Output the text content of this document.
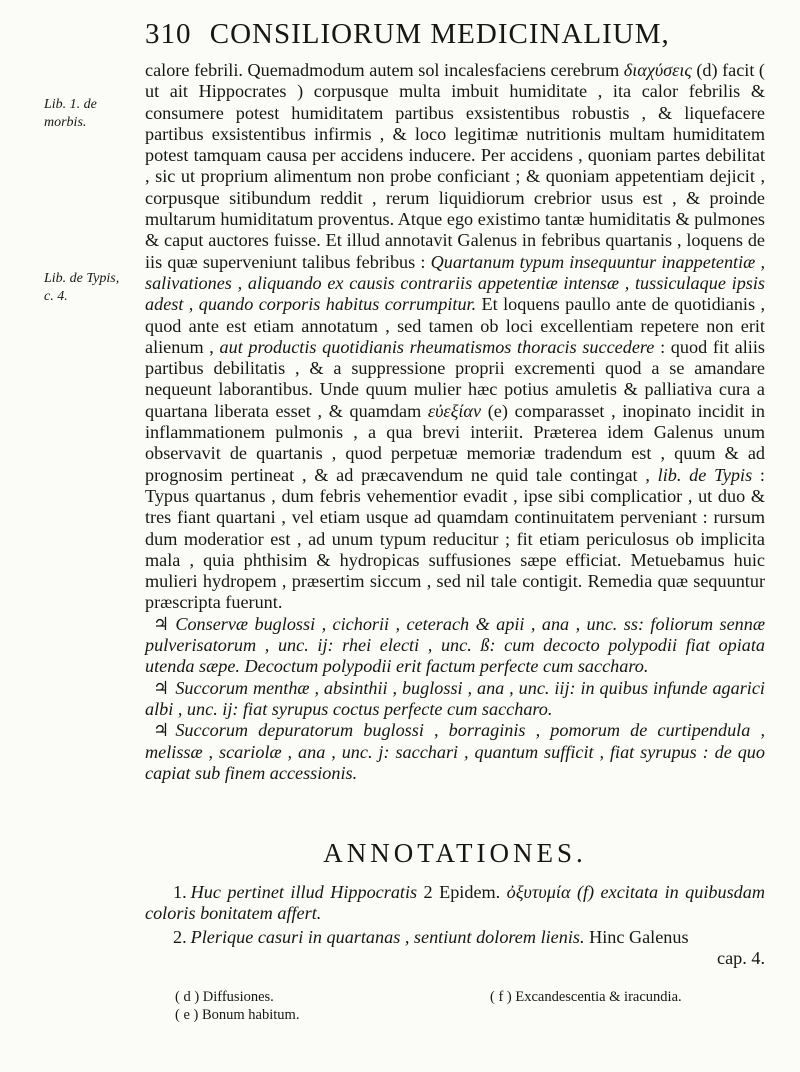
310 CONSILIORUM MEDICINALIUM,
Lib. 1. de
morbis.
Lib. de Typis,
c. 4.

calore febrili. Quemadmodum autem sol incalesfaciens cerebrum διαχύσεις (d) facit ( ut ait Hippocrates ) corpusque multa imbuit humiditate , ita calor febrilis & consumere potest humiditatem partibus exsistentibus robustis , & liquefacere partibus exsistentibus infirmis , & loco legitimæ nutritionis multam humiditatem potest tamquam causa per accidens inducere. Per accidens , quoniam partes debilitat , sic ut proprium alimentum non probe conficiant ; & quoniam appetentiam dejicit , corpusque sitibundum reddit , rerum liquidiorum crebrior usus est , & proinde multarum humiditatum proventus. Atque ego existimo tantæ humiditatis & pulmones & caput auctores fuisse. Et illud annotavit Galenus in febribus quartanis , loquens de iis quæ superveniunt talibus febribus : Quartanum typum insequuntur inappetentiæ , salivationes , aliquando ex causis contrariis appetentiæ intensæ , tussiculaque ipsis adest , quando corporis habitus corrumpitur. Et loquens paullo ante de quotidianis , quod ante est etiam annotatum , sed tamen ob loci excellentiam repetere non erit alienum , aut productis quotidianis rheumatismos thoracis succedere : quod fit aliis partibus debilitatis , & a suppressione proprii excrementi quod a se amandare nequeunt laborantibus. Unde quum mulier hæc potius amuletis & palliativa cura a quartana liberata esset , & quamdam εὐεξίαν (e) comparasset , inopinato incidit in inflammationem pulmonis , a qua brevi interiit. Præterea idem Galenus unum observavit de quartanis , quod perpetuæ memoriæ tradendum est , quum & ad prognosim pertineat , & ad præcavendum ne quid tale contingat , lib. de Typis : Typus quartanus , dum febris vehementior evadit , ipse sibi complicatior , ut duo & tres fiant quartani , vel etiam usque ad quamdam continuitatem perveniant : rursum dum moderatior est , ad unum typum reducitur ; fit etiam periculosus ob implicita mala , quia phthisim & hydropicas suffusiones sæpe efficiat. Metuebamus huic mulieri hydropem , præsertim siccum , sed nil tale contigit. Remedia quæ sequuntur præscripta fuerunt.

♃ Conservæ buglossi , cichorii , ceterach & apii , ana , unc. ss: foliorum sennæ pulverisatorum , unc. ij: rhei electi , unc. ß: cum decocto polypodii fiat opiata utenda sæpe. Decoctum polypodii erit factum perfecte cum saccharo.

♃ Succorum menthæ , absinthii , buglossi , ana , unc. iij: in quibus infunde agarici albi , unc. ij: fiat syrupus coctus perfecte cum saccharo.

♃ Succorum depuratorum buglossi , borraginis , pomorum de curtipendula , melissæ , scariolæ , ana , unc. j: sacchari , quantum sufficit , fiat syrupus : de quo capiat sub finem accessionis.

ANNOTATIONES.

1. Huc pertinet illud Hippocratis 2 Epidem. ὀξυτυμία (f) excitata in quibusdam coloris bonitatem affert.

2. Plerique casuri in quartanas , sentiunt dolorem lienis. Hinc Galenus

cap. 4.
( d ) Diffusiones.	( f ) Excandescentia & iracundia.
( e ) Bonum habitum.
